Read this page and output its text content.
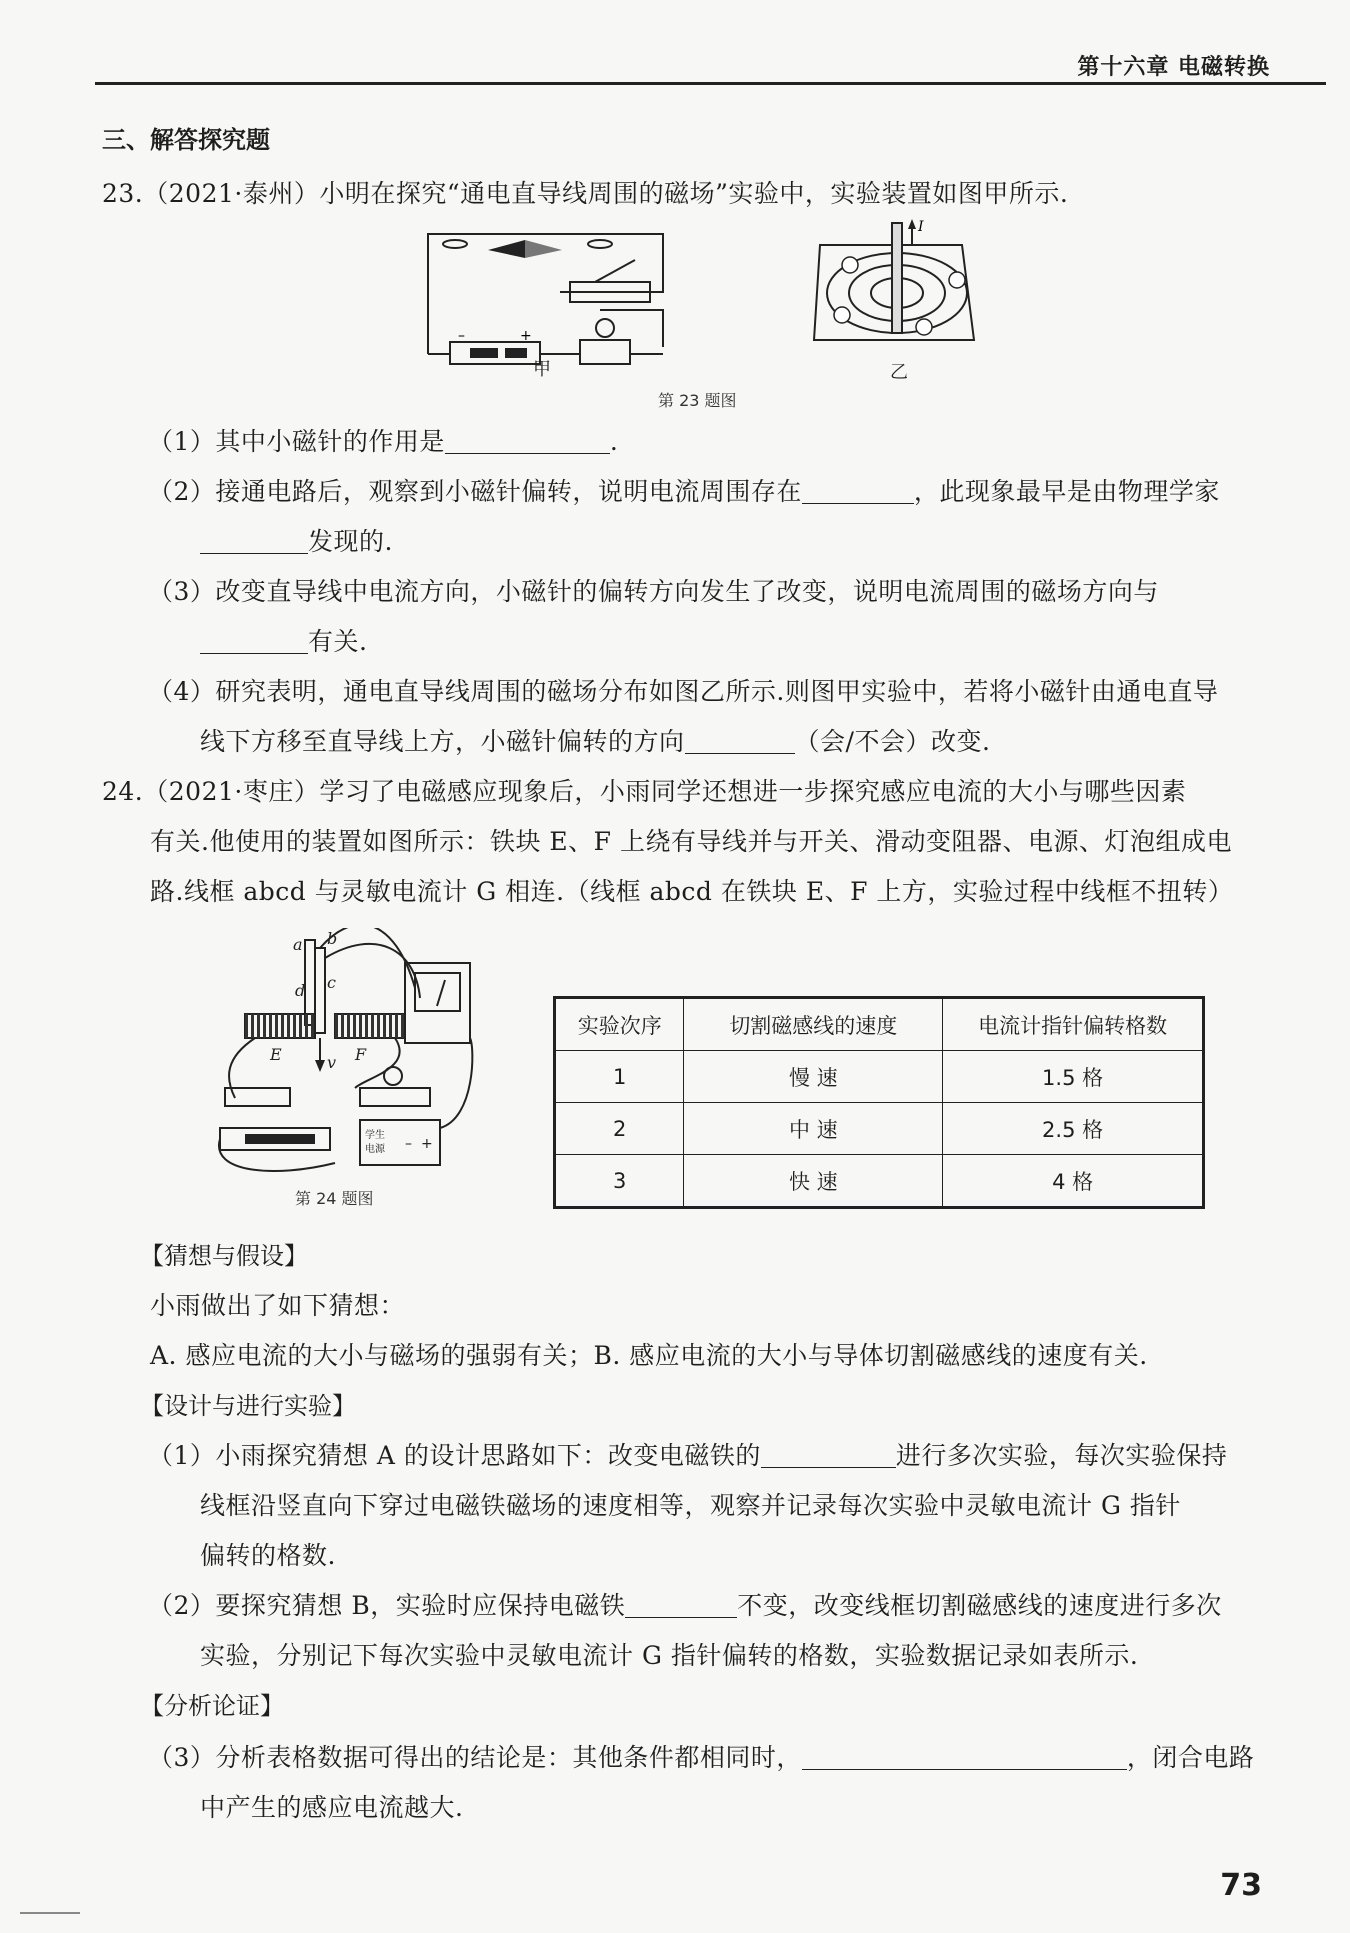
第十六章 电磁转换
三、解答探究题
23.（2021·泰州）小明在探究“通电直导线周围的磁场”实验中，实验装置如图甲所示.
–	+
甲
I
乙
第 23 题图
（1）其中小磁针的作用是	.
（2）接通电路后，观察到小磁针偏转，说明电流周围存在	，此现象最早是由物理学家
发现的.
（3）改变直导线中电流方向，小磁针的偏转方向发生了改变，说明电流周围的磁场方向与
有关.
（4）研究表明，通电直导线周围的磁场分布如图乙所示.则图甲实验中，若将小磁针由通电直导
线下方移至直导线上方，小磁针偏转的方向	（会/不会）改变.
24.（2021·枣庄）学习了电磁感应现象后，小雨同学还想进一步探究感应电流的大小与哪些因素
有关.他使用的装置如图所示：铁块 E、F 上绕有导线并与开关、滑动变阻器、电源、灯泡组成电
路.线框 abcd 与灵敏电流计 G 相连.（线框 abcd 在铁块 E、F 上方，实验过程中线框不扭转）
a b
c
d
v
E	F
学生
电源 – +
第 24 题图
实验次序	切割磁感线的速度	电流计指针偏转格数
1	慢 速	1.5 格
2	中 速	2.5 格
3	快 速	4 格
【猜想与假设】
小雨做出了如下猜想：
A. 感应电流的大小与磁场的强弱有关；B. 感应电流的大小与导体切割磁感线的速度有关.
【设计与进行实验】
（1）小雨探究猜想 A 的设计思路如下：改变电磁铁的	进行多次实验，每次实验保持
线框沿竖直向下穿过电磁铁磁场的速度相等，观察并记录每次实验中灵敏电流计 G 指针
偏转的格数.
（2）要探究猜想 B，实验时应保持电磁铁	不变，改变线框切割磁感线的速度进行多次
实验，分别记下每次实验中灵敏电流计 G 指针偏转的格数，实验数据记录如表所示.
【分析论证】
（3）分析表格数据可得出的结论是：其他条件都相同时，	，闭合电路
中产生的感应电流越大.
73
